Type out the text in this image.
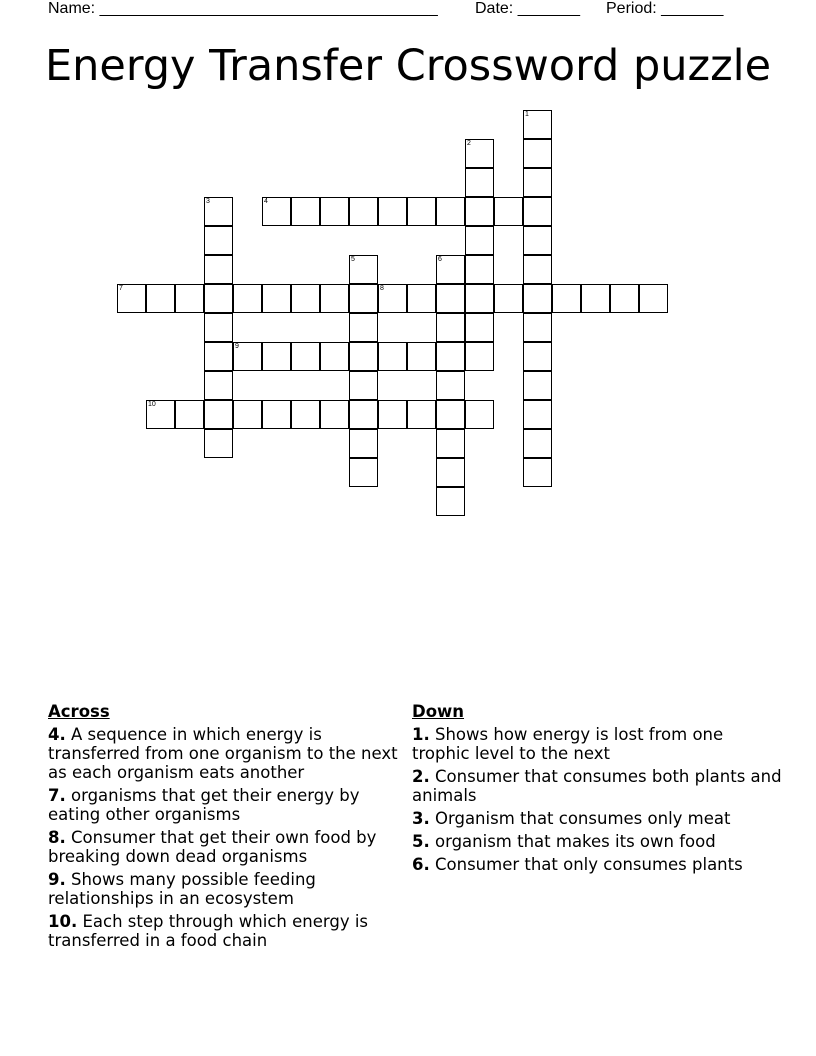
Name: ______________________________________ Date: _______ Period: _______
Energy Transfer Crossword puzzle
1
2
3	4
5	6
7	8
9
10
Across
4. A sequence in which energy is transferred from one organism to the next as each organism eats another
7. organisms that get their energy by eating other organisms
8. Consumer that get their own food by breaking down dead organisms
9. Shows many possible feeding relationships in an ecosystem
10. Each step through which energy is transferred in a food chain
Down
1. Shows how energy is lost from one trophic level to the next
2. Consumer that consumes both plants and animals
3. Organism that consumes only meat
5. organism that makes its own food
6. Consumer that only consumes plants
